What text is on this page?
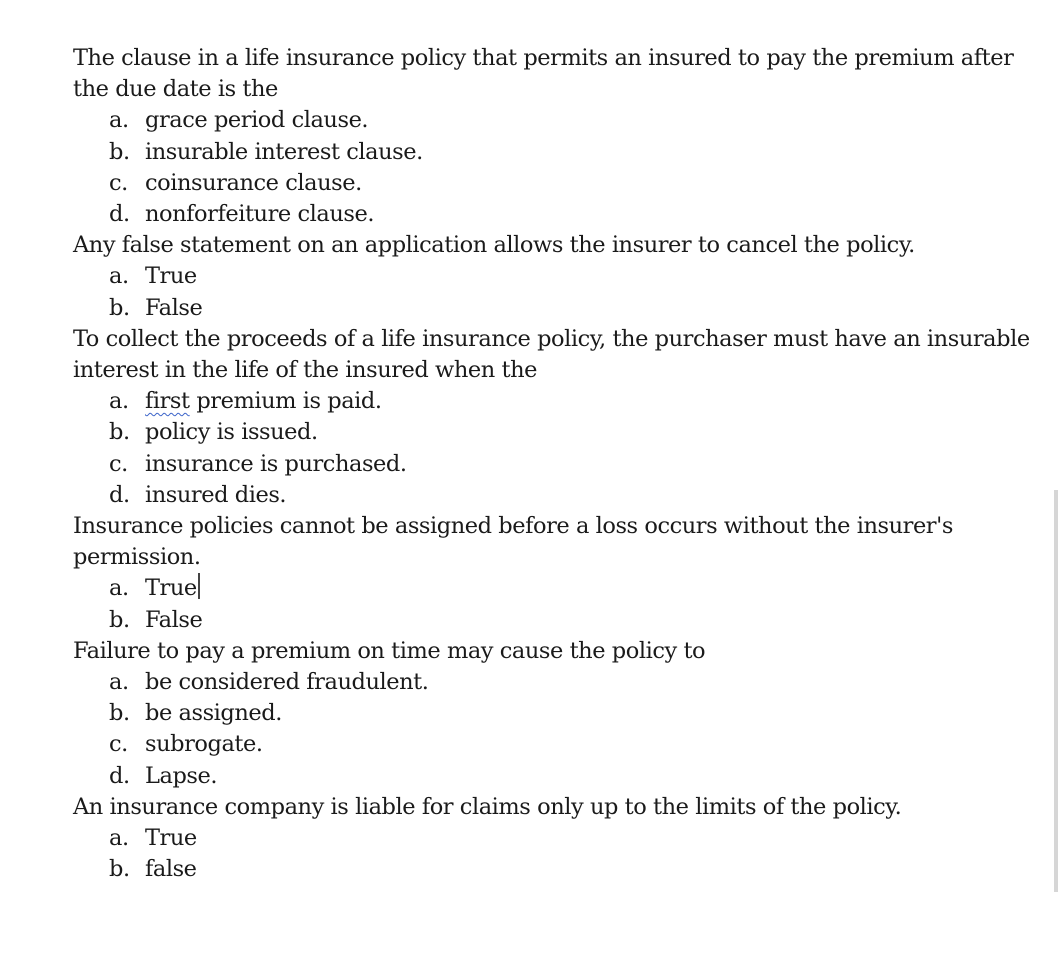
The clause in a life insurance policy that permits an insured to pay the premium after the due date is the

a. grace period clause.
b. insurable interest clause.
c. coinsurance clause.
d. nonforfeiture clause.

Any false statement on an application allows the insurer to cancel the policy.

a. True
b. False

To collect the proceeds of a life insurance policy, the purchaser must have an insurable interest in the life of the insured when the

a. first premium is paid.
b. policy is issued.
c. insurance is purchased.
d. insured dies.

Insurance policies cannot be assigned before a loss occurs without the insurer's permission.

a. True
b. False

Failure to pay a premium on time may cause the policy to

a. be considered fraudulent.
b. be assigned.
c. subrogate.
d. Lapse.

An insurance company is liable for claims only up to the limits of the policy.

a. True
b. false
